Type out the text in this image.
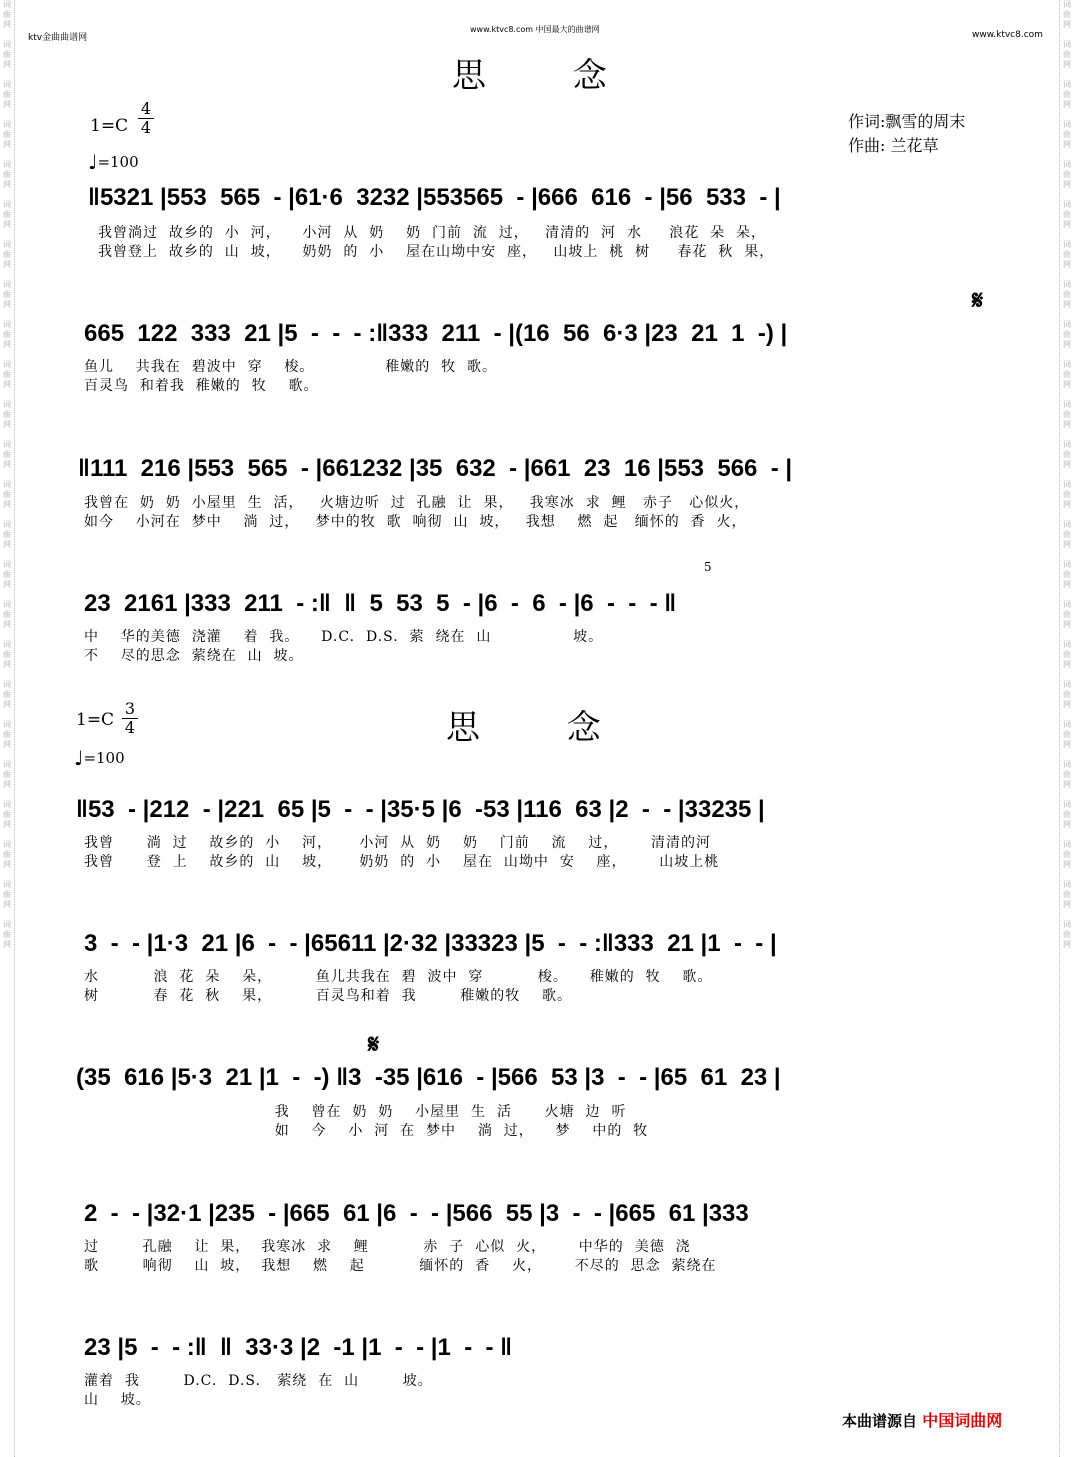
词 曲 网
词 曲 网
词 曲 网
词 曲 网
词 曲 网
词 曲 网
词 曲 网
词 曲 网
词 曲 网
词 曲 网
词 曲 网
词 曲 网
词 曲 网
词 曲 网
词 曲 网
词 曲 网
词 曲 网
词 曲 网
词 曲 网
词 曲 网
词 曲 网
词 曲 网
词 曲 网
词 曲 网
词 曲 网
词 曲 网
词 曲 网
词 曲 网
词 曲 网
词 曲 网
词 曲 网
词 曲 网
词 曲 网
词 曲 网
词 曲 网
词 曲 网
词 曲 网
词 曲 网
词 曲 网
词 曲 网
词 曲 网
词 曲 网
词 曲 网
词 曲 网
词 曲 网
词 曲 网
词 曲 网
词 曲 网
ktv金曲曲谱网
www.ktvc8.com 中国最大的曲谱网
www.ktvc8.com
思 念
1=C
4
4
♩=100
作词:飘雪的周末
作曲: 兰花草
‖5321 |553  565  - |61·6  3232 |553565  - |666  616  - |56  533  - |
我曾淌过  故乡的  小  河，    小河  从  奶    奶  门前  流  过，   清清的  河  水     浪花  朵  朵，
我曾登上  故乡的  山  坡，    奶奶  的  小    屋在山坳中安  座，   山坡上  桃  树     春花  秋  果，
𝄋
665  122  333  21 |5  -  -  - :‖333  211  - |(16  56  6·3 |23  21  1  -) |
鱼儿    共我在  碧波中  穿    梭。             稚嫩的  牧  歌。
百灵鸟  和着我  稚嫩的  牧    歌。
‖111  216 |553  565  - |661232 |35  632  - |661  23  16 |553  566  - |
我曾在  奶  奶  小屋里  生  活，   火塘边听  过  孔融  让  果，   我寒冰  求  鲤   赤子   心似火，
如今    小河在  梦中    淌  过，   梦中的牧  歌  响彻  山  坡，   我想    燃  起   缅怀的  香  火，
5
23  2161 |333  211  - :‖  ‖  5  53  5  - |6  -  6  - |6  -  -  - ‖
中    华的美德  浇灌    着  我。    D.C.  D.S.  萦  绕在  山               坡。
不    尽的思念  萦绕在  山  坡。
1=C
3
4	思 念
♩=100
‖53  - |212  - |221  65 |5  -  - |35·5 |6  -53 |116  63 |2  -  - |33235 |
我曾      淌  过    故乡的  小    河，     小河  从  奶    奶    门前    流    过，      清清的河
我曾      登  上    故乡的  山    坡，     奶奶  的  小    屋在  山坳中  安    座，      山坡上桃
3  -  - |1·3  21 |6  -  - |65611 |2·32 |33323 |5  -  - :‖333  21 |1  -  - |
水          浪  花  朵    朵，        鱼儿共我在  碧  波中  穿          梭。    稚嫩的  牧    歌。
树          春  花  秋    果，        百灵鸟和着  我        稚嫩的牧    歌。
𝄋
(35  616 |5·3  21 |1  -  -) ‖3  -35 |616  - |566  53 |3  -  - |65  61  23 |
我    曾在  奶  奶    小屋里  生  活      火塘  边  听
如    今    小  河  在  梦中    淌  过，    梦    中的  牧
2  -  - |32·1 |235  - |665  61 |6  -  - |566  55 |3  -  - |665  61 |333
过        孔融    让  果，  我寒冰  求    鲤          赤  子  心似  火，      中华的  美德  浇
歌        响彻    山  坡，  我想    燃    起          缅怀的  香    火，      不尽的  思念  萦绕在
23 |5  -  - :‖  ‖  33·3 |2  -1 |1  -  - |1  -  - ‖
灌着  我        D.C.  D.S.   萦绕  在  山        坡。
山    坡。
本曲谱源自 中国词曲网
